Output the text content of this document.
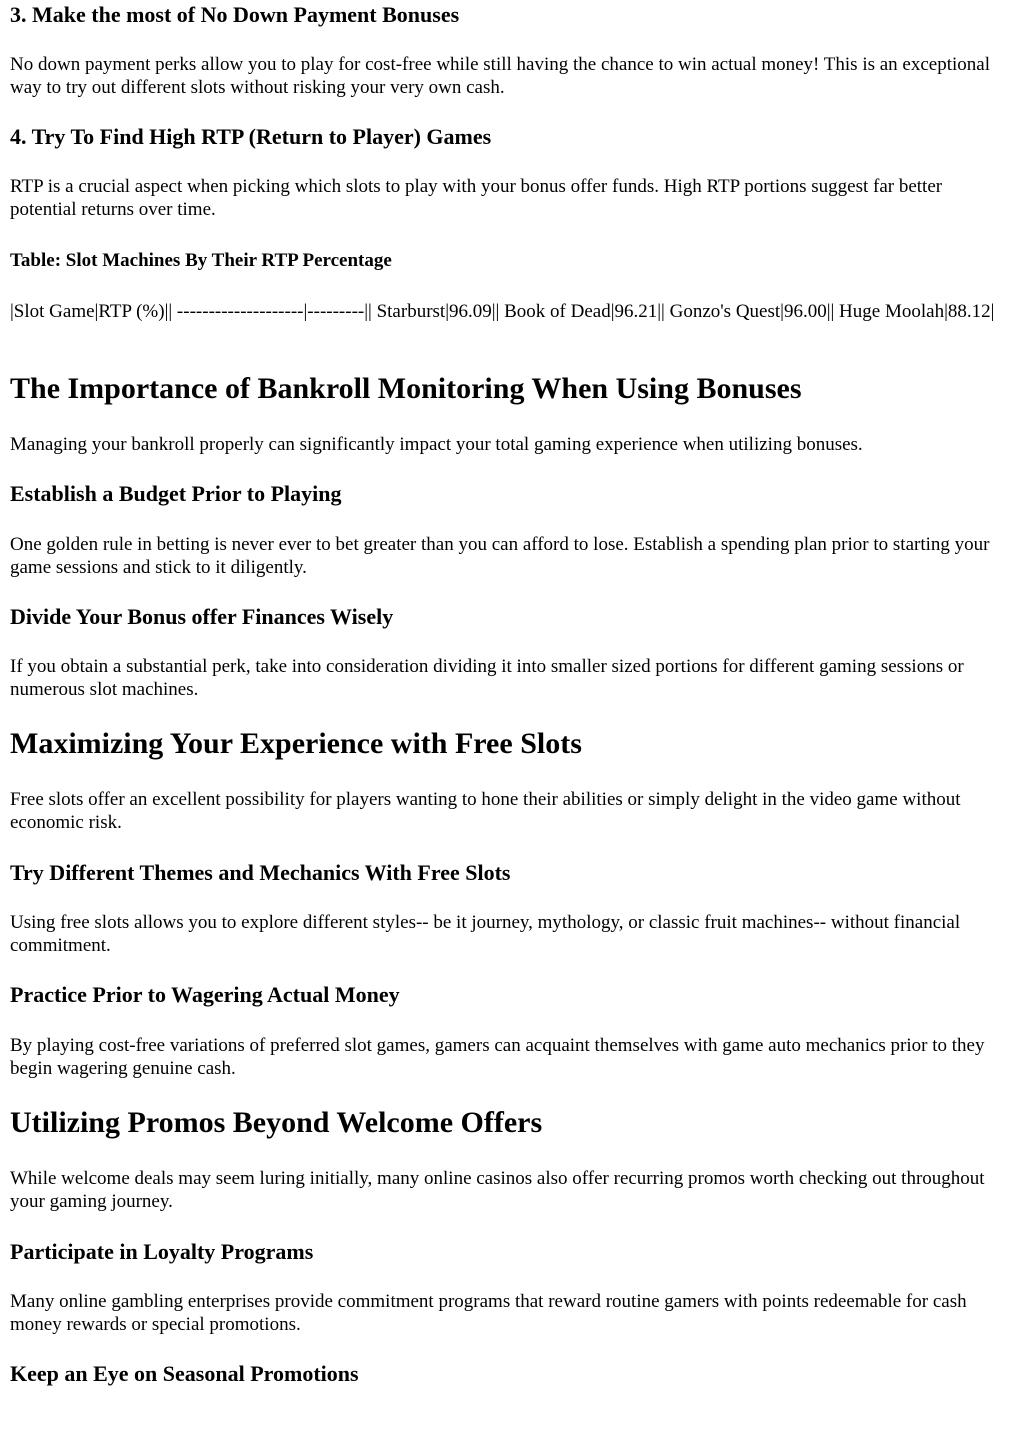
3. Make the most of No Down Payment Bonuses

No down payment perks allow you to play for cost-free while still having the chance to win actual money! This is an exceptional way to try out different slots without risking your very own cash.

4. Try To Find High RTP (Return to Player) Games

RTP is a crucial aspect when picking which slots to play with your bonus offer funds. High RTP portions suggest far better potential returns over time.

Table: Slot Machines By Their RTP Percentage

|Slot Game|RTP (%)|| --------------------|---------|| Starburst|96.09|| Book of Dead|96.21|| Gonzo's Quest|96.00|| Huge Moolah|88.12|

The Importance of Bankroll Monitoring When Using Bonuses

Managing your bankroll properly can significantly impact your total gaming experience when utilizing bonuses.

Establish a Budget Prior to Playing

One golden rule in betting is never ever to bet greater than you can afford to lose. Establish a spending plan prior to starting your game sessions and stick to it diligently.

Divide Your Bonus offer Finances Wisely

If you obtain a substantial perk, take into consideration dividing it into smaller sized portions for different gaming sessions or numerous slot machines.

Maximizing Your Experience with Free Slots

Free slots offer an excellent possibility for players wanting to hone their abilities or simply delight in the video game without economic risk.

Try Different Themes and Mechanics With Free Slots

Using free slots allows you to explore different styles-- be it journey, mythology, or classic fruit machines-- without financial commitment.

Practice Prior to Wagering Actual Money

By playing cost-free variations of preferred slot games, gamers can acquaint themselves with game auto mechanics prior to they begin wagering genuine cash.

Utilizing Promos Beyond Welcome Offers

While welcome deals may seem luring initially, many online casinos also offer recurring promos worth checking out throughout your gaming journey.

Participate in Loyalty Programs

Many online gambling enterprises provide commitment programs that reward routine gamers with points redeemable for cash money rewards or special promotions.

Keep an Eye on Seasonal Promotions
